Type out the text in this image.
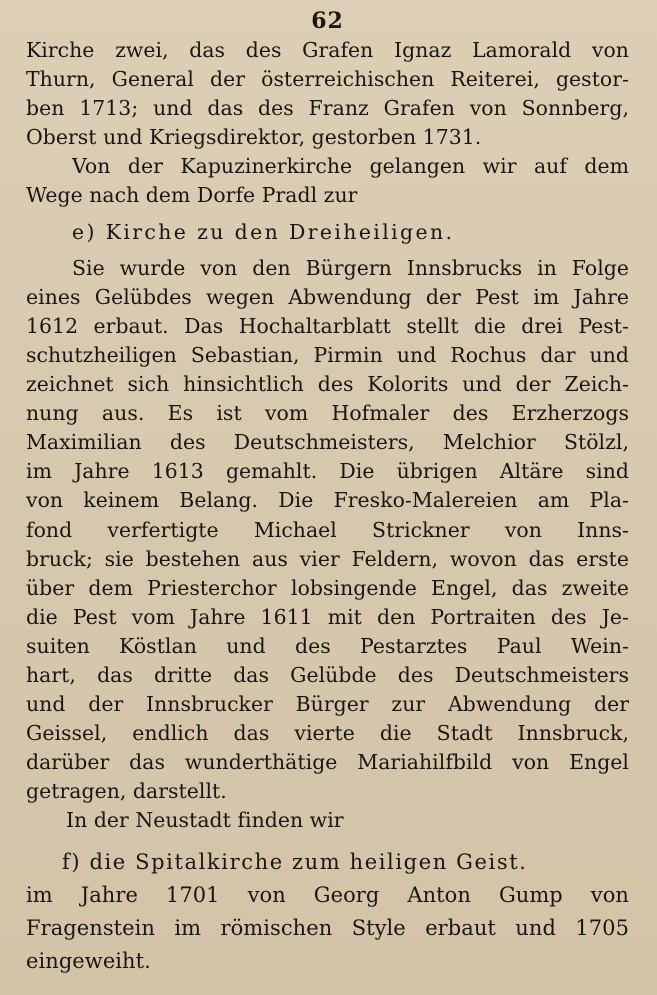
62
Kirche zwei, das des Grafen Ignaz Lamorald von
Thurn, General der österreichischen Reiterei, gestor-
ben 1713; und das des Franz Grafen von Sonnberg,
Oberst und Kriegsdirektor, gestorben 1731.
Von der Kapuzinerkirche gelangen wir auf dem
Wege nach dem Dorfe Pradl zur
e) Kirche zu den Dreiheiligen.
Sie wurde von den Bürgern Innsbrucks in Folge
eines Gelübdes wegen Abwendung der Pest im Jahre
1612 erbaut. Das Hochaltarblatt stellt die drei Pest-
schutzheiligen Sebastian, Pirmin und Rochus dar und
zeichnet sich hinsichtlich des Kolorits und der Zeich-
nung aus. Es ist vom Hofmaler des Erzherzogs
Maximilian des Deutschmeisters, Melchior Stölzl,
im Jahre 1613 gemahlt. Die übrigen Altäre sind
von keinem Belang. Die Fresko-Malereien am Pla-
fond verfertigte Michael Strickner von Inns-
bruck; sie bestehen aus vier Feldern, wovon das erste
über dem Priesterchor lobsingende Engel, das zweite
die Pest vom Jahre 1611 mit den Portraiten des Je-
suiten Köstlan und des Pestarztes Paul Wein-
hart, das dritte das Gelübde des Deutschmeisters
und der Innsbrucker Bürger zur Abwendung der
Geissel, endlich das vierte die Stadt Innsbruck,
darüber das wunderthätige Mariahilfbild von Engel
getragen, darstellt.
In der Neustadt finden wir
f) die Spitalkirche zum heiligen Geist.
im Jahre 1701 von Georg Anton Gump von
Fragenstein im römischen Style erbaut und 1705
eingeweiht.
